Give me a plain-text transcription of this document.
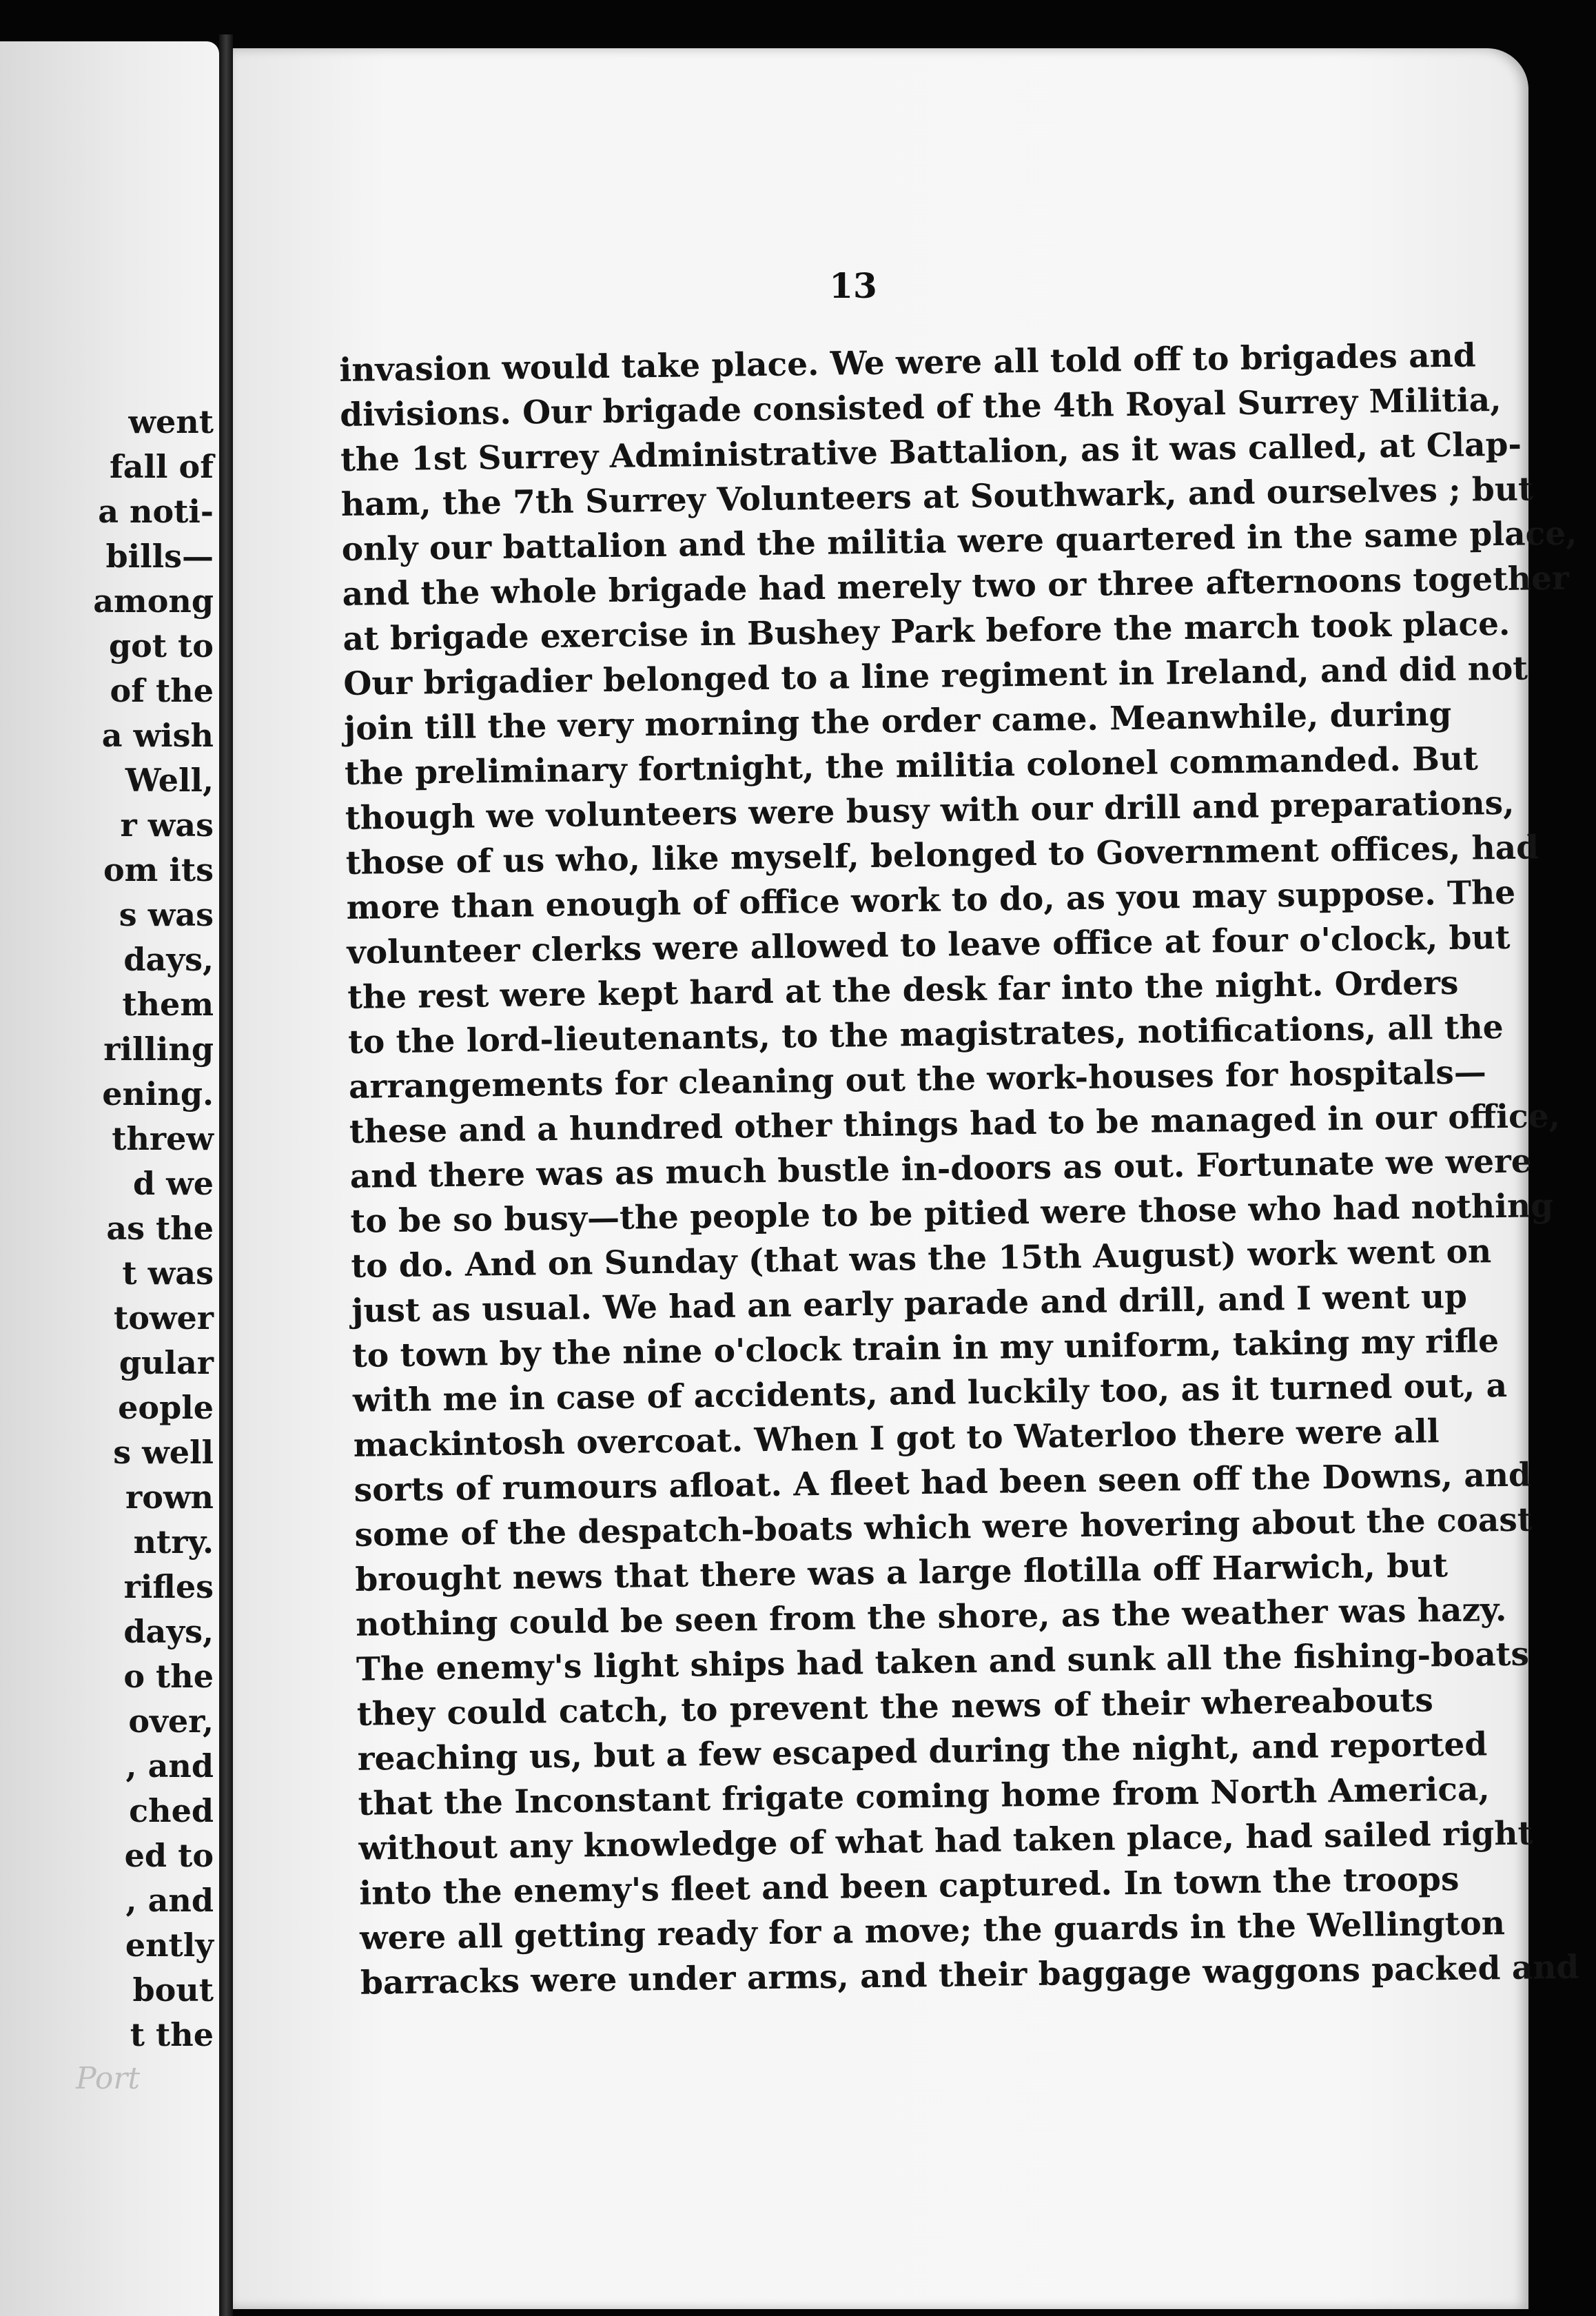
went
fall of
a noti-
bills—
among
got to
of the
a wish
Well,
r was
om its
s was
days,
them
rilling
ening.
threw
d we
as the
t was
tower
gular
eople
s well
rown
ntry.
rifles
days,
o the
over,
, and
ched
ed to
, and
ently
bout
t the
Port
13
invasion would take place. We were all told off to brigades and
divisions. Our brigade consisted of the 4th Royal Surrey Militia,
the 1st Surrey Administrative Battalion, as it was called, at Clap-
ham, the 7th Surrey Volunteers at Southwark, and ourselves ; but
only our battalion and the militia were quartered in the same place,
and the whole brigade had merely two or three afternoons together
at brigade exercise in Bushey Park before the march took place.
Our brigadier belonged to a line regiment in Ireland, and did not
join till the very morning the order came. Meanwhile, during
the preliminary fortnight, the militia colonel commanded. But
though we volunteers were busy with our drill and preparations,
those of us who, like myself, belonged to Government offices, had
more than enough of office work to do, as you may suppose. The
volunteer clerks were allowed to leave office at four o'clock, but
the rest were kept hard at the desk far into the night. Orders
to the lord-lieutenants, to the magistrates, notifications, all the
arrangements for cleaning out the work-houses for hospitals—
these and a hundred other things had to be managed in our office,
and there was as much bustle in-doors as out. Fortunate we were
to be so busy—the people to be pitied were those who had nothing
to do. And on Sunday (that was the 15th August) work went on
just as usual. We had an early parade and drill, and I went up
to town by the nine o'clock train in my uniform, taking my rifle
with me in case of accidents, and luckily too, as it turned out, a
mackintosh overcoat. When I got to Waterloo there were all
sorts of rumours afloat. A fleet had been seen off the Downs, and
some of the despatch-boats which were hovering about the coast
brought news that there was a large flotilla off Harwich, but
nothing could be seen from the shore, as the weather was hazy.
The enemy's light ships had taken and sunk all the fishing-boats
they could catch, to prevent the news of their whereabouts
reaching us, but a few escaped during the night, and reported
that the Inconstant frigate coming home from North America,
without any knowledge of what had taken place, had sailed right
into the enemy's fleet and been captured. In town the troops
were all getting ready for a move; the guards in the Wellington
barracks were under arms, and their baggage waggons packed and
